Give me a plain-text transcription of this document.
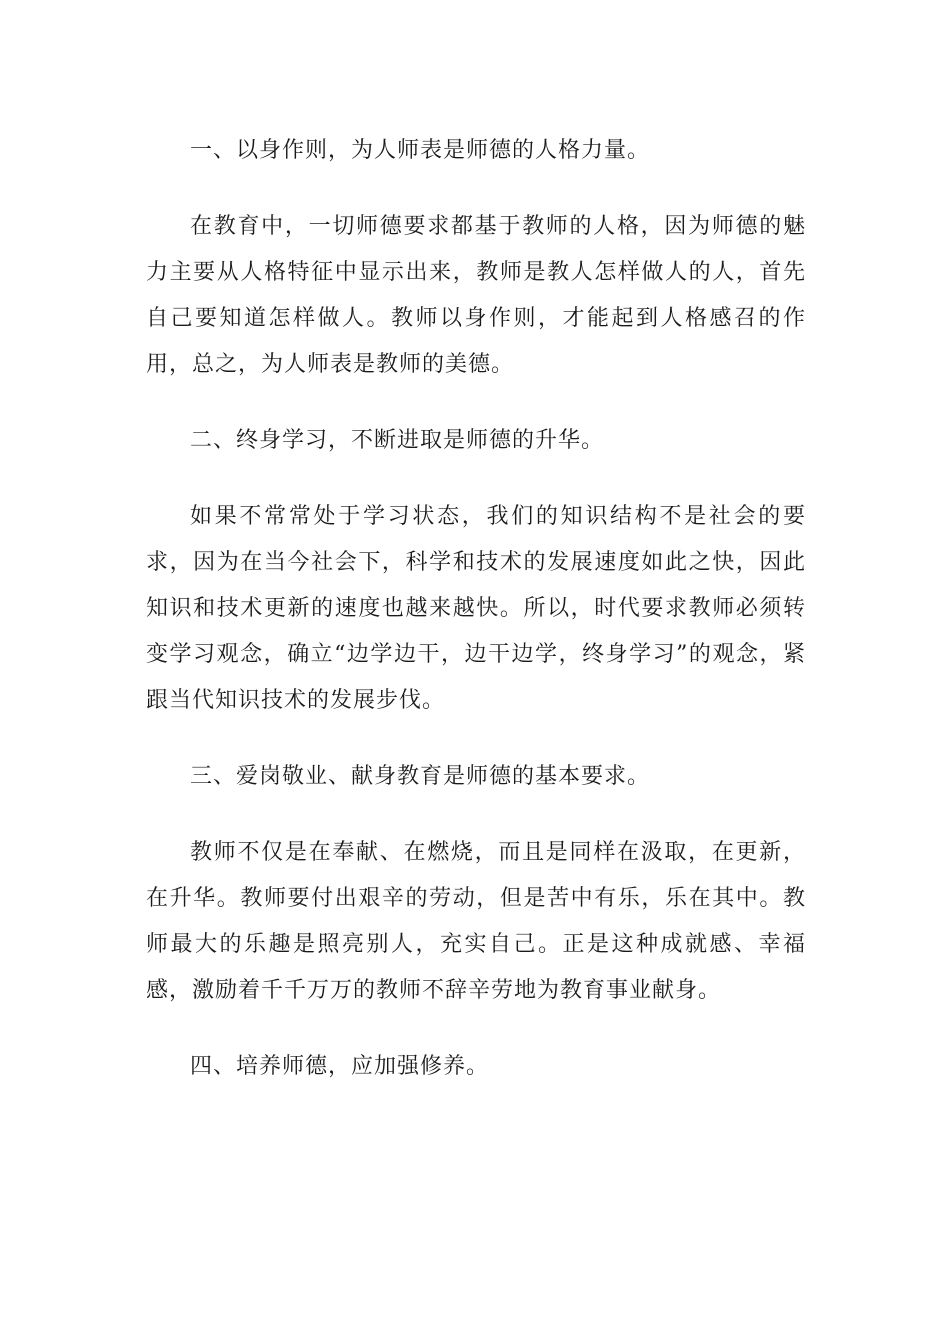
一、以身作则，为人师表是师德的人格力量。

在教育中，一切师德要求都基于教师的人格，因为师德的魅力主要从人格特征中显示出来，教师是教人怎样做人的人，首先自己要知道怎样做人。教师以身作则，才能起到人格感召的作用，总之，为人师表是教师的美德。

二、终身学习，不断进取是师德的升华。

如果不常常处于学习状态，我们的知识结构不是社会的要求，因为在当今社会下，科学和技术的发展速度如此之快，因此知识和技术更新的速度也越来越快。所以，时代要求教师必须转变学习观念，确立“边学边干，边干边学，终身学习”的观念，紧跟当代知识技术的发展步伐。

三、爱岗敬业、献身教育是师德的基本要求。

教师不仅是在奉献、在燃烧，而且是同样在汲取，在更新，在升华。教师要付出艰辛的劳动，但是苦中有乐，乐在其中。教师最大的乐趣是照亮别人，充实自己。正是这种成就感、幸福感，激励着千千万万的教师不辞辛劳地为教育事业献身。

四、培养师德，应加强修养。
